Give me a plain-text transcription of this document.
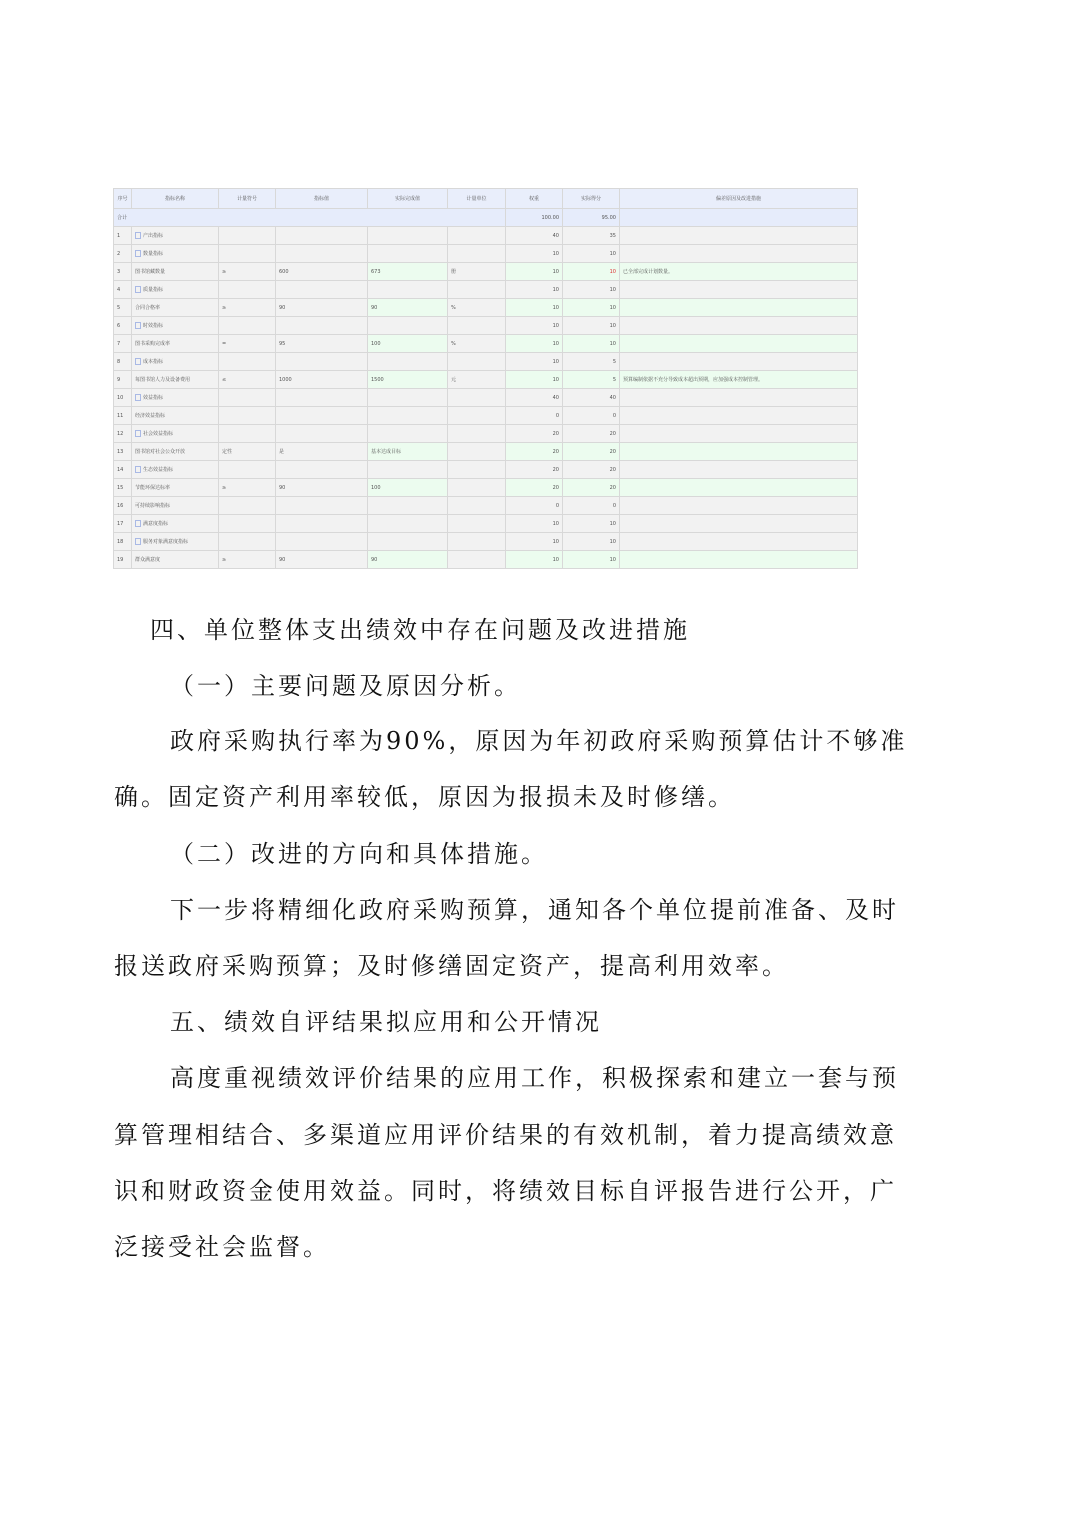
序号	指标名称	计量符号	指标值	实际完成值	计量单位	权重	实际得分	偏差原因及改进措施
合计						100.00	95.00	
1	产出指标					40	35	
2	数量指标					10	10	
3	图书馆藏数量	≥	600	673	册	10	10	已全部完成计划数量。
4	质量指标					10	10	
5	合同合格率	≥	90	90	%	10	10	
6	时效指标					10	10	
7	图书采购完成率	=	95	100	%	10	10	
8	成本指标					10	5	
9	每图书馆人力及设备费用	≤	1000	1500	元	10	5	预算编制依据不充分导致成本超出预期，应加强成本控制管理。
10	效益指标					40	40	
11	经济效益指标					0	0	
12	社会效益指标					20	20	
13	图书馆对社会公众开放	定性	是	基本达成目标		20	20	
14	生态效益指标					20	20	
15	节能环保达标率	≥	90	100		20	20	
16	可持续影响指标					0	0	
17	满意度指标					10	10	
18	服务对象满意度指标					10	10	
19	群众满意度	≥	90	90		10	10	

四、单位整体支出绩效中存在问题及改进措施

（一）主要问题及原因分析。

政府采购执行率为90%，原因为年初政府采购预算估计不够准

确。固定资产利用率较低，原因为报损未及时修缮。

（二）改进的方向和具体措施。

下一步将精细化政府采购预算，通知各个单位提前准备、及时

报送政府采购预算；及时修缮固定资产，提高利用效率。

五、绩效自评结果拟应用和公开情况

高度重视绩效评价结果的应用工作，积极探索和建立一套与预

算管理相结合、多渠道应用评价结果的有效机制，着力提高绩效意

识和财政资金使用效益。同时，将绩效目标自评报告进行公开，广

泛接受社会监督。
